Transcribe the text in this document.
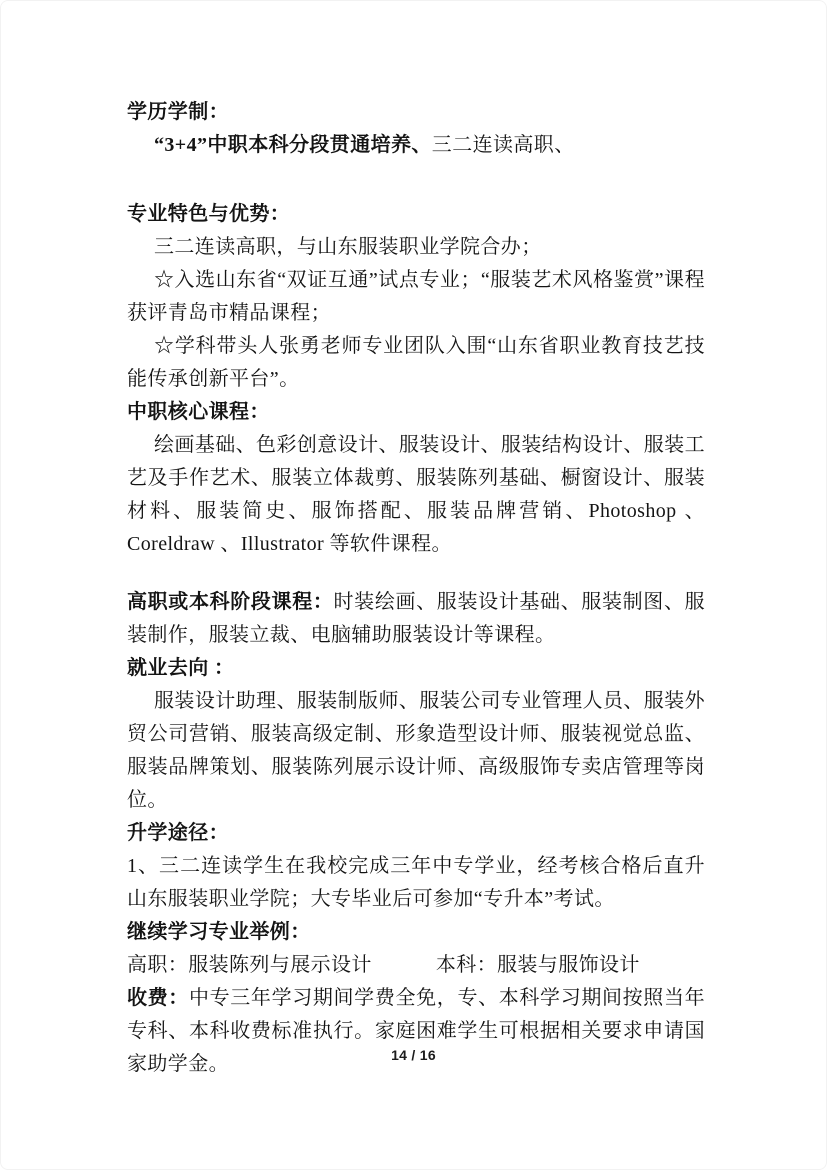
学历学制：

“3+4”中职本科分段贯通培养、三二连读高职、

专业特色与优势：

三二连读高职，与山东服装职业学院合办；

☆入选山东省“双证互通”试点专业；“服装艺术风格鉴赏”课程获评青岛市精品课程；

☆学科带头人张勇老师专业团队入围“山东省职业教育技艺技能传承创新平台”。

中职核心课程：

绘画基础、色彩创意设计、服装设计、服装结构设计、服装工艺及手作艺术、服装立体裁剪、服装陈列基础、橱窗设计、服装材料、服装简史、服饰搭配、服装品牌营销、Photoshop 、Coreldraw 、Illustrator 等软件课程。

高职或本科阶段课程：时装绘画、服装设计基础、服装制图、服装制作，服装立裁、电脑辅助服装设计等课程。

就业去向 ：

服装设计助理、服装制版师、服装公司专业管理人员、服装外贸公司营销、服装高级定制、形象造型设计师、服装视觉总监、服装品牌策划、服装陈列展示设计师、高级服饰专卖店管理等岗位。

升学途径：

1、三二连读学生在我校完成三年中专学业，经考核合格后直升山东服装职业学院；大专毕业后可参加“专升本”考试。

继续学习专业举例：

高职：服装陈列与展示设计	本科：服装与服饰设计

收费：中专三年学习期间学费全免，专、本科学习期间按照当年专科、本科收费标准执行。家庭困难学生可根据相关要求申请国家助学金。	14 / 16
